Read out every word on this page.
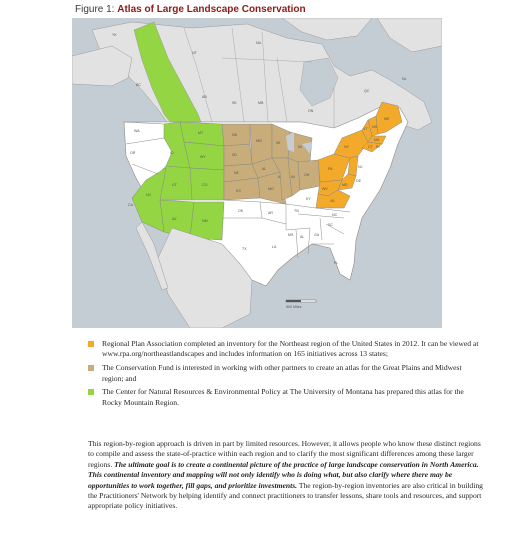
Figure 1: Atlas of Large Landscape Conservation
YK
NT
NU
BC
AB
SK	MB
ON
QC
NL
WA
OR
CA
NV
ID
MT
WY
UT	CO
AZ	NM
ND
SD
NE
KS
MN
IA
MO
WI
IL
MI
IN	OH
OK
TX
AR
LA
MS AL
TN
KY
GA
FL
SC
NC
VA
WV
PA
NY
VT NH
ME
MA
CT RI
NJ
DE
MD
500 Miles
Regional Plan Association completed an inventory for the Northeast region of the United States in 2012. It can be viewed at www.rpa.org/northeastlandscapes and includes information on 165 initiatives across 13 states;
The Conservation Fund is interested in working with other partners to create an atlas for the Great Plains and Midwest region; and
The Center for Natural Resources & Environmental Policy at The University of Montana has prepared this atlas for the Rocky Mountain Region.
This region-by-region approach is driven in part by limited resources. However, it allows people who know these distinct regions to compile and assess the state-of-practice within each region and to clarify the most significant differences among these larger regions. The ultimate goal is to create a continental picture of the practice of large landscape conservation in North America. This continental inventory and mapping will not only identify who is doing what, but also clarify where there may be opportunities to work together, fill gaps, and prioritize investments. The region-by-region inventories are also critical in building the Practitioners' Network by helping identify and connect practitioners to transfer lessons, share tools and resources, and support appropriate policy initiatives.
